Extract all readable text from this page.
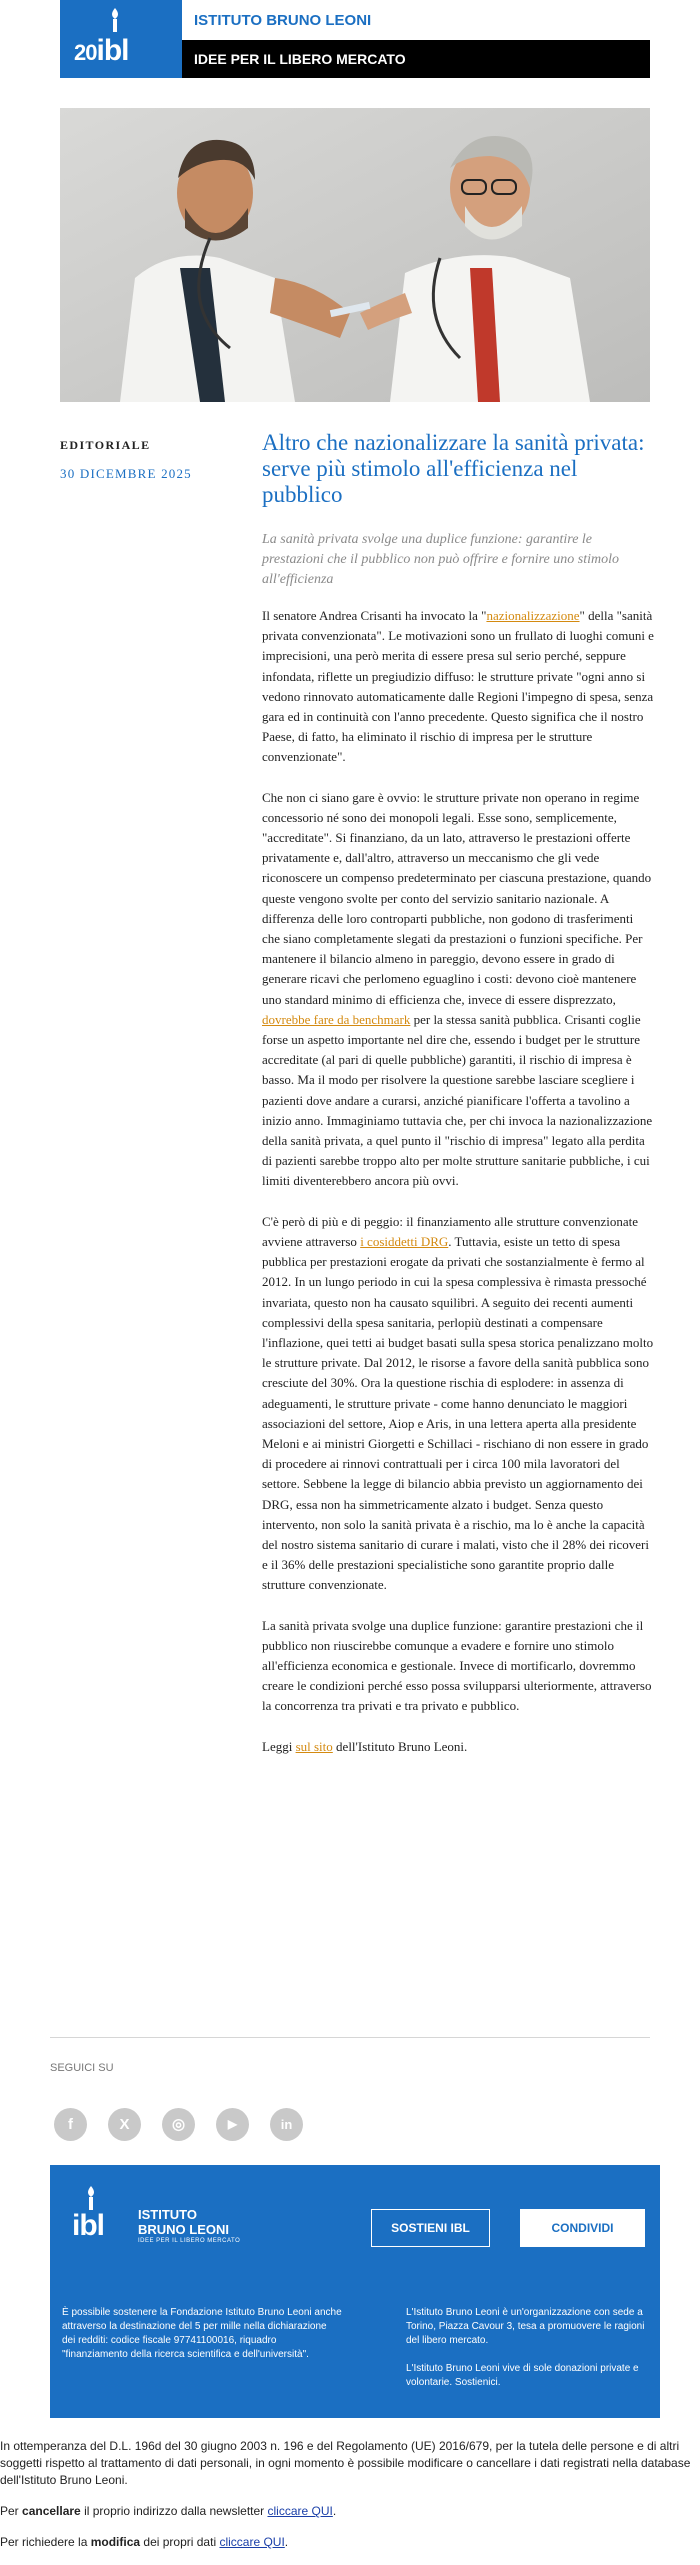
20ibl
ISTITUTO BRUNO LEONI
IDEE PER IL LIBERO MERCATO
EDITORIALE
30 DICEMBRE 2025
Altro che nazionalizzare la sanità privata: serve più stimolo all'efficienza nel pubblico
La sanità privata svolge una duplice funzione: garantire le prestazioni che il pubblico non può offrire e fornire uno stimolo all'efficienza

Il senatore Andrea Crisanti ha invocato la "nazionalizzazione" della "sanità privata convenzionata". Le motivazioni sono un frullato di luoghi comuni e imprecisioni, una però merita di essere presa sul serio perché, seppure infondata, riflette un pregiudizio diffuso: le strutture private "ogni anno si vedono rinnovato automaticamente dalle Regioni l'impegno di spesa, senza gara ed in continuità con l'anno precedente. Questo significa che il nostro Paese, di fatto, ha eliminato il rischio di impresa per le strutture convenzionate".

Che non ci siano gare è ovvio: le strutture private non operano in regime concessorio né sono dei monopoli legali. Esse sono, semplicemente, "accreditate". Si finanziano, da un lato, attraverso le prestazioni offerte privatamente e, dall'altro, attraverso un meccanismo che gli vede riconoscere un compenso predeterminato per ciascuna prestazione, quando queste vengono svolte per conto del servizio sanitario nazionale. A differenza delle loro controparti pubbliche, non godono di trasferimenti che siano completamente slegati da prestazioni o funzioni specifiche. Per mantenere il bilancio almeno in pareggio, devono essere in grado di generare ricavi che perlomeno eguaglino i costi: devono cioè mantenere uno standard minimo di efficienza che, invece di essere disprezzato, dovrebbe fare da benchmark per la stessa sanità pubblica. Crisanti coglie forse un aspetto importante nel dire che, essendo i budget per le strutture accreditate (al pari di quelle pubbliche) garantiti, il rischio di impresa è basso. Ma il modo per risolvere la questione sarebbe lasciare scegliere i pazienti dove andare a curarsi, anziché pianificare l'offerta a tavolino a inizio anno. Immaginiamo tuttavia che, per chi invoca la nazionalizzazione della sanità privata, a quel punto il "rischio di impresa" legato alla perdita di pazienti sarebbe troppo alto per molte strutture sanitarie pubbliche, i cui limiti diventerebbero ancora più ovvi.

C'è però di più e di peggio: il finanziamento alle strutture convenzionate avviene attraverso i cosiddetti DRG. Tuttavia, esiste un tetto di spesa pubblica per prestazioni erogate da privati che sostanzialmente è fermo al 2012. In un lungo periodo in cui la spesa complessiva è rimasta pressoché invariata, questo non ha causato squilibri. A seguito dei recenti aumenti complessivi della spesa sanitaria, perlopiù destinati a compensare l'inflazione, quei tetti ai budget basati sulla spesa storica penalizzano molto le strutture private. Dal 2012, le risorse a favore della sanità pubblica sono cresciute del 30%. Ora la questione rischia di esplodere: in assenza di adeguamenti, le strutture private - come hanno denunciato le maggiori associazioni del settore, Aiop e Aris, in una lettera aperta alla presidente Meloni e ai ministri Giorgetti e Schillaci - rischiano di non essere in grado di procedere ai rinnovi contrattuali per i circa 100 mila lavoratori del settore. Sebbene la legge di bilancio abbia previsto un aggiornamento dei DRG, essa non ha simmetricamente alzato i budget. Senza questo intervento, non solo la sanità privata è a rischio, ma lo è anche la capacità del nostro sistema sanitario di curare i malati, visto che il 28% dei ricoveri e il 36% delle prestazioni specialistiche sono garantite proprio dalle strutture convenzionate.

La sanità privata svolge una duplice funzione: garantire prestazioni che il pubblico non riuscirebbe comunque a evadere e fornire uno stimolo all'efficienza economica e gestionale. Invece di mortificarlo, dovremmo creare le condizioni perché esso possa svilupparsi ulteriormente, attraverso la concorrenza tra privati e tra privato e pubblico.

Leggi sul sito dell'Istituto Bruno Leoni.

SEGUICI SU
f	X	◎	▶	in
ibl	ISTITUTO
BRUNO LEONI
IDEE PER IL LIBERO MERCATO
SOSTIENI IBL	CONDIVIDI
È possibile sostenere la Fondazione Istituto Bruno Leoni anche attraverso la destinazione del 5 per mille nella dichiarazione dei redditi: codice fiscale 97741100016, riquadro "finanziamento della ricerca scientifica e dell'università".

L'Istituto Bruno Leoni è un'organizzazione con sede a Torino, Piazza Cavour 3, tesa a promuovere le ragioni del libero mercato.

L'Istituto Bruno Leoni vive di sole donazioni private e volontarie. Sostienici.

In ottemperanza del D.L. 196d del 30 giugno 2003 n. 196 e del Regolamento (UE) 2016/679, per la tutela delle persone e di altri soggetti rispetto al trattamento di dati personali, in ogni momento è possibile modificare o cancellare i dati registrati nella database dell'Istituto Bruno Leoni.

Per cancellare il proprio indirizzo dalla newsletter cliccare QUI.

Per richiedere la modifica dei propri dati cliccare QUI.
